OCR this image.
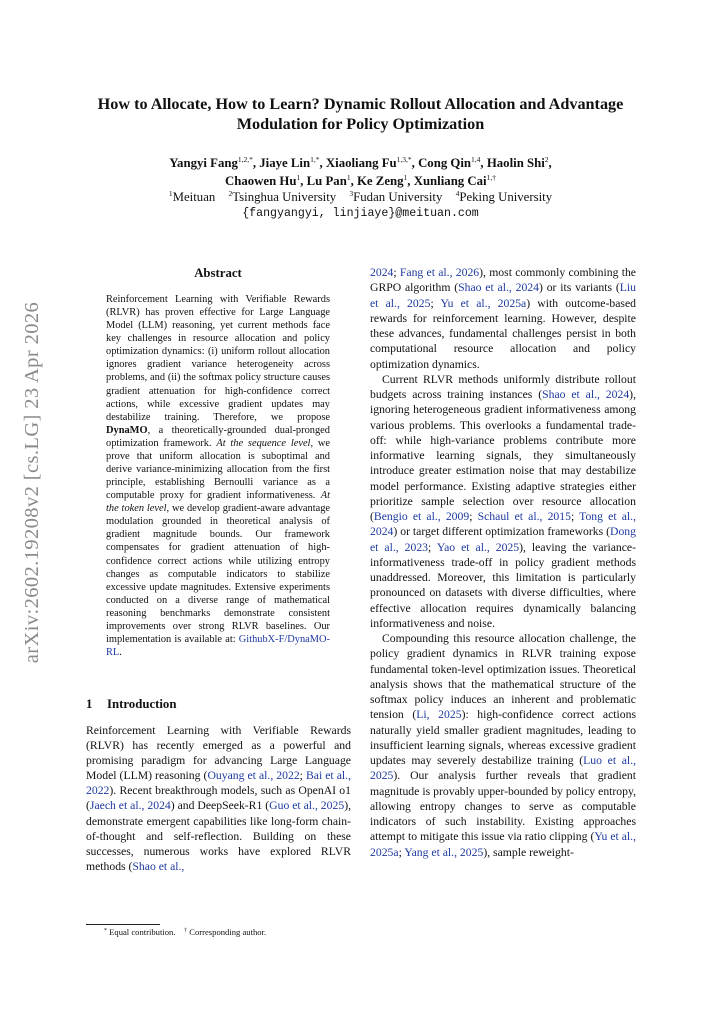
arXiv:2602.19208v2 [cs.LG] 23 Apr 2026
How to Allocate, How to Learn? Dynamic Rollout Allocation and Advantage Modulation for Policy Optimization
Yangyi Fang$^{1,2,*}$, Jiaye Lin$^{1,*}$, Xiaoliang $Fu^{1,3,*}$, Cong Qin$^{1,4}$, Haolin Shi$^2$,
Chaowen Hu$^1$, Lu Pan$^1$, Ke Zeng$^1$, Xunliang Cai$^{1,\dagger}$
$^1$Meituan $^2$Tsinghua University $^3$Fudan University $^4$Peking University
{fangyangyi, linjiaye}@meituan.com
Abstract
Reinforcement Learning with Verifiable Rewards (RLVR) has proven effective for Large Language Model (LLM) reasoning, yet current methods face key challenges in resource allocation and policy optimization dynamics: (i) uniform rollout allocation ignores gradient variance heterogeneity across problems, and (ii) the softmax policy structure causes gradient attenuation for high-confidence correct actions, while excessive gradient updates may destabilize training. Therefore, we propose DynaMO, a theoretically-grounded dual-pronged optimization framework. At the sequence level, we prove that uniform allocation is suboptimal and derive variance-minimizing allocation from the first principle, establishing Bernoulli variance as a computable proxy for gradient informativeness. At the token level, we develop gradient-aware advantage modulation grounded in theoretical analysis of gradient magnitude bounds. Our framework compensates for gradient attenuation of high-confidence correct actions while utilizing entropy changes as computable indicators to stabilize excessive update magnitudes. Extensive experiments conducted on a diverse range of mathematical reasoning benchmarks demonstrate consistent improvements over strong RLVR baselines. Our implementation is available at: GithubX-F/DynaMO-RL.
1 Introduction
Reinforcement Learning with Verifiable Rewards (RLVR) has recently emerged as a powerful and promising paradigm for advancing Large Language Model (LLM) reasoning (Ouyang et al., 2022; Bai et al., 2022). Recent breakthrough models, such as OpenAI o1 (Jaech et al., 2024) and DeepSeek-R1 (Guo et al., 2025), demonstrate emergent capabilities like long-form chain-of-thought and self-reflection. Building on these successes, numerous works have explored RLVR methods (Shao et al.,

2024; Fang et al., 2026), most commonly combining the GRPO algorithm (Shao et al., 2024) or its variants (Liu et al., 2025; Yu et al., 2025a) with outcome-based rewards for reinforcement learning. However, despite these advances, fundamental challenges persist in both computational resource allocation and policy optimization dynamics.

Current RLVR methods uniformly distribute rollout budgets across training instances (Shao et al., 2024), ignoring heterogeneous gradient informativeness among various problems. This overlooks a fundamental trade-off: while high-variance problems contribute more informative learning signals, they simultaneously introduce greater estimation noise that may destabilize model performance. Existing adaptive strategies either prioritize sample selection over resource allocation (Bengio et al., 2009; Schaul et al., 2015; Tong et al., 2024) or target different optimization frameworks (Dong et al., 2023; Yao et al., 2025), leaving the variance-informativeness trade-off in policy gradient methods unaddressed. Moreover, this limitation is particularly pronounced on datasets with diverse difficulties, where effective allocation requires dynamically balancing informativeness and noise.

Compounding this resource allocation challenge, the policy gradient dynamics in RLVR training expose fundamental token-level optimization issues. Theoretical analysis shows that the mathematical structure of the softmax policy induces an inherent and problematic tension (Li, 2025): high-confidence correct actions naturally yield smaller gradient magnitudes, leading to insufficient learning signals, whereas excessive gradient updates may severely destabilize training (Luo et al., 2025). Our analysis further reveals that gradient magnitude is provably upper-bounded by policy entropy, allowing entropy changes to serve as computable indicators of such instability. Existing approaches attempt to mitigate this issue via ratio clipping (Yu et al., 2025a; Yang et al., 2025), sample reweight-

* Equal contribution. † Corresponding author.
